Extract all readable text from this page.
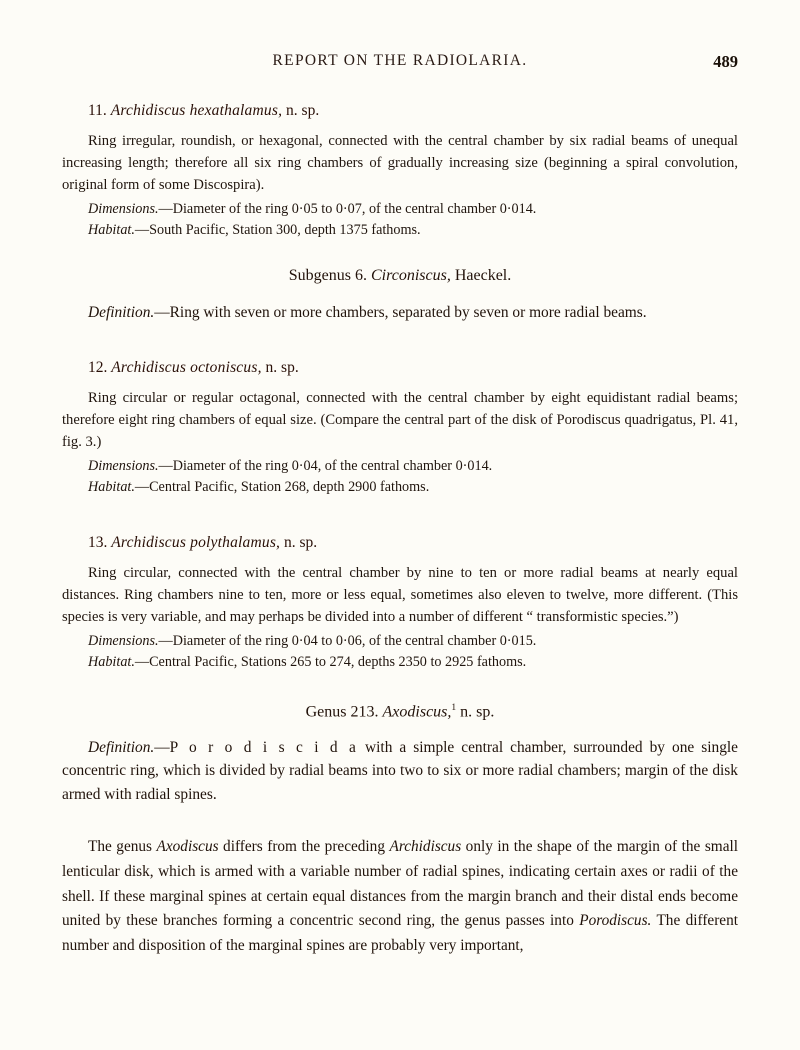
REPORT ON THE RADIOLARIA.	489
11. Archidiscus hexathalamus, n. sp.

Ring irregular, roundish, or hexagonal, connected with the central chamber by six radial beams of unequal increasing length; therefore all six ring chambers of gradually increasing size (beginning a spiral convolution, original form of some Discospira).

Dimensions.—Diameter of the ring 0·05 to 0·07, of the central chamber 0·014.

Habitat.—South Pacific, Station 300, depth 1375 fathoms.

Subgenus 6. Circoniscus, Haeckel.

Definition.—Ring with seven or more chambers, separated by seven or more radial beams.

12. Archidiscus octoniscus, n. sp.

Ring circular or regular octagonal, connected with the central chamber by eight equidistant radial beams; therefore eight ring chambers of equal size. (Compare the central part of the disk of Porodiscus quadrigatus, Pl. 41, fig. 3.)

Dimensions.—Diameter of the ring 0·04, of the central chamber 0·014.

Habitat.—Central Pacific, Station 268, depth 2900 fathoms.

13. Archidiscus polythalamus, n. sp.

Ring circular, connected with the central chamber by nine to ten or more radial beams at nearly equal distances. Ring chambers nine to ten, more or less equal, sometimes also eleven to twelve, more different. (This species is very variable, and may perhaps be divided into a number of different “ transformistic species.”)

Dimensions.—Diameter of the ring 0·04 to 0·06, of the central chamber 0·015.

Habitat.—Central Pacific, Stations 265 to 274, depths 2350 to 2925 fathoms.

Genus 213. Axodiscus,$^1$ n. sp.

Definition.—P o r o d i s c i d a with a simple central chamber, surrounded by one single concentric ring, which is divided by radial beams into two to six or more radial chambers; margin of the disk armed with radial spines.

The genus Axodiscus differs from the preceding Archidiscus only in the shape of the margin of the small lenticular disk, which is armed with a variable number of radial spines, indicating certain axes or radii of the shell. If these marginal spines at certain equal distances from the margin branch and their distal ends become united by these branches forming a concentric second ring, the genus passes into Porodiscus. The different number and disposition of the marginal spines are probably very important,
